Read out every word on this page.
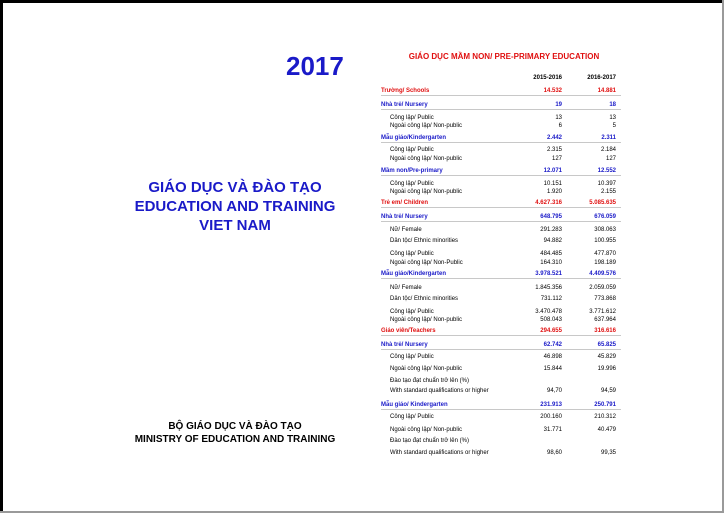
2017
GIÁO DỤC VÀ ĐÀO TẠO
EDUCATION AND TRAINING
VIET NAM
BỘ GIÁO DỤC VÀ ĐÀO TẠO
MINISTRY OF EDUCATION AND TRAINING
GIÁO DỤC MẦM NON/ PRE-PRIMARY EDUCATION
2015-2016	2016-2017
Trường/ Schools	14.532	14.881
Nhà trẻ/ Nursery	19	18
Công lập/ Public	13	13
Ngoài công lập/ Non-public	6	5
Mẫu giáo/Kindergarten	2.442	2.311
Công lập/ Public	2.315	2.184
Ngoài công lập/ Non-public	127	127
Mầm non/Pre-primary	12.071	12.552
Công lập/ Public	10.151	10.397
Ngoài công lập/ Non-public	1.920	2.155
Trẻ em/ Children	4.627.316	5.085.635
Nhà trẻ/ Nursery	648.795	676.059
Nữ/ Female	291.283	308.063
Dân tộc/ Ethnic minorities	94.882	100.955
Công lập/ Public	484.485	477.870
Ngoài công lập/ Non-Public	164.310	198.189
Mẫu giáo/Kindergarten	3.978.521	4.409.576
Nữ/ Female	1.845.356	2.059.059
Dân tộc/ Ethnic minorities	731.112	773.868
Công lập/ Public	3.470.478	3.771.612
Ngoài công lập/ Non-public	508.043	637.964
Giáo viên/Teachers	294.655	316.616
Nhà trẻ/ Nursery	62.742	65.825
Công lập/ Public	46.898	45.829
Ngoài công lập/ Non-public	15.844	19.996
Đào tạo đạt chuẩn trở lên (%)
With standard qualifications or higher	94,70	94,59
Mẫu giáo/ Kindergarten	231.913	250.791
Công lập/ Public	200.160	210.312
Ngoài công lập/ Non-public	31.771	40.479
Đào tạo đạt chuẩn trở lên (%)
With standard qualifications or higher	98,60	99,35
